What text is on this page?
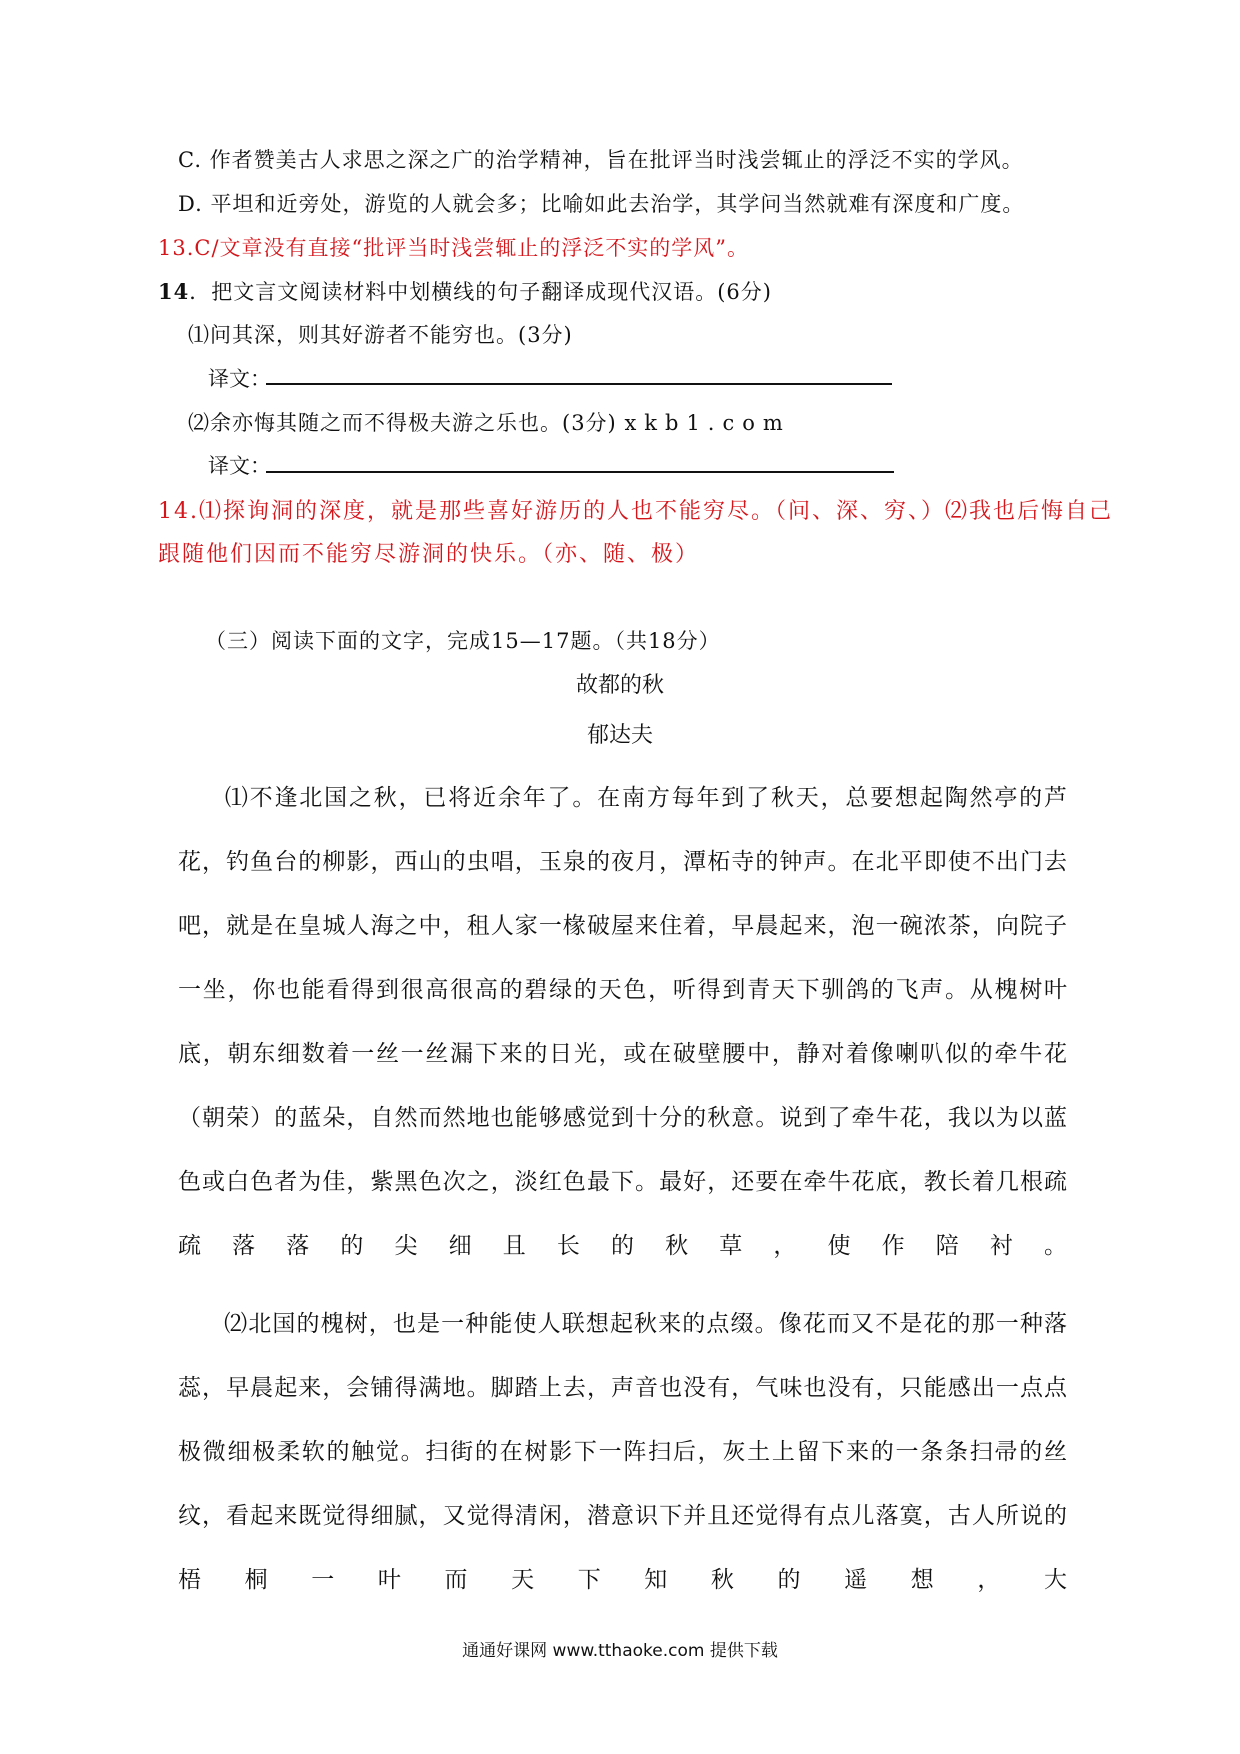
C. 作者赞美古人求思之深之广的治学精神，旨在批评当时浅尝辄止的浮泛不实的学风。
D. 平坦和近旁处，游览的人就会多；比喻如此去治学，其学问当然就难有深度和广度。
13.C/文章没有直接“批评当时浅尝辄止的浮泛不实的学风”。
14．把文言文阅读材料中划横线的句子翻译成现代汉语。(6分)
⑴问其深，则其好游者不能穷也。(3分)
译文：
⑵余亦悔其随之而不得极夫游之乐也。(3分) xkb1.com
译文：
14.⑴探询洞的深度，就是那些喜好游历的人也不能穷尽。（问、深、穷、）⑵我也后悔自己
跟随他们因而不能穷尽游洞的快乐。（亦、随、极）
（三）阅读下面的文字，完成15—17题。（共18分）
故都的秋
郁达夫

⑴不逢北国之秋，已将近余年了。在南方每年到了秋天，总要想起陶然亭的芦花，钓鱼台的柳影，西山的虫唱，玉泉的夜月，潭柘寺的钟声。在北平即使不出门去吧，就是在皇城人海之中，租人家一椽破屋来住着，早晨起来，泡一碗浓茶，向院子一坐，你也能看得到很高很高的碧绿的天色，听得到青天下驯鸽的飞声。从槐树叶底，朝东细数着一丝一丝漏下来的日光，或在破壁腰中，静对着像喇叭似的牵牛花（朝荣）的蓝朵，自然而然地也能够感觉到十分的秋意。说到了牵牛花，我以为以蓝色或白色者为佳，紫黑色次之，淡红色最下。最好，还要在牵牛花底，教长着几根疏疏落落的尖细且长的秋草，使作陪衬。

⑵北国的槐树，也是一种能使人联想起秋来的点缀。像花而又不是花的那一种落蕊，早晨起来，会铺得满地。脚踏上去，声音也没有，气味也没有，只能感出一点点极微细极柔软的触觉。扫街的在树影下一阵扫后，灰土上留下来的一条条扫帚的丝纹，看起来既觉得细腻，又觉得清闲，潜意识下并且还觉得有点儿落寞，古人所说的梧桐一叶而天下知秋的遥想，大

通通好课网 www.tthaoke.com 提供下载
